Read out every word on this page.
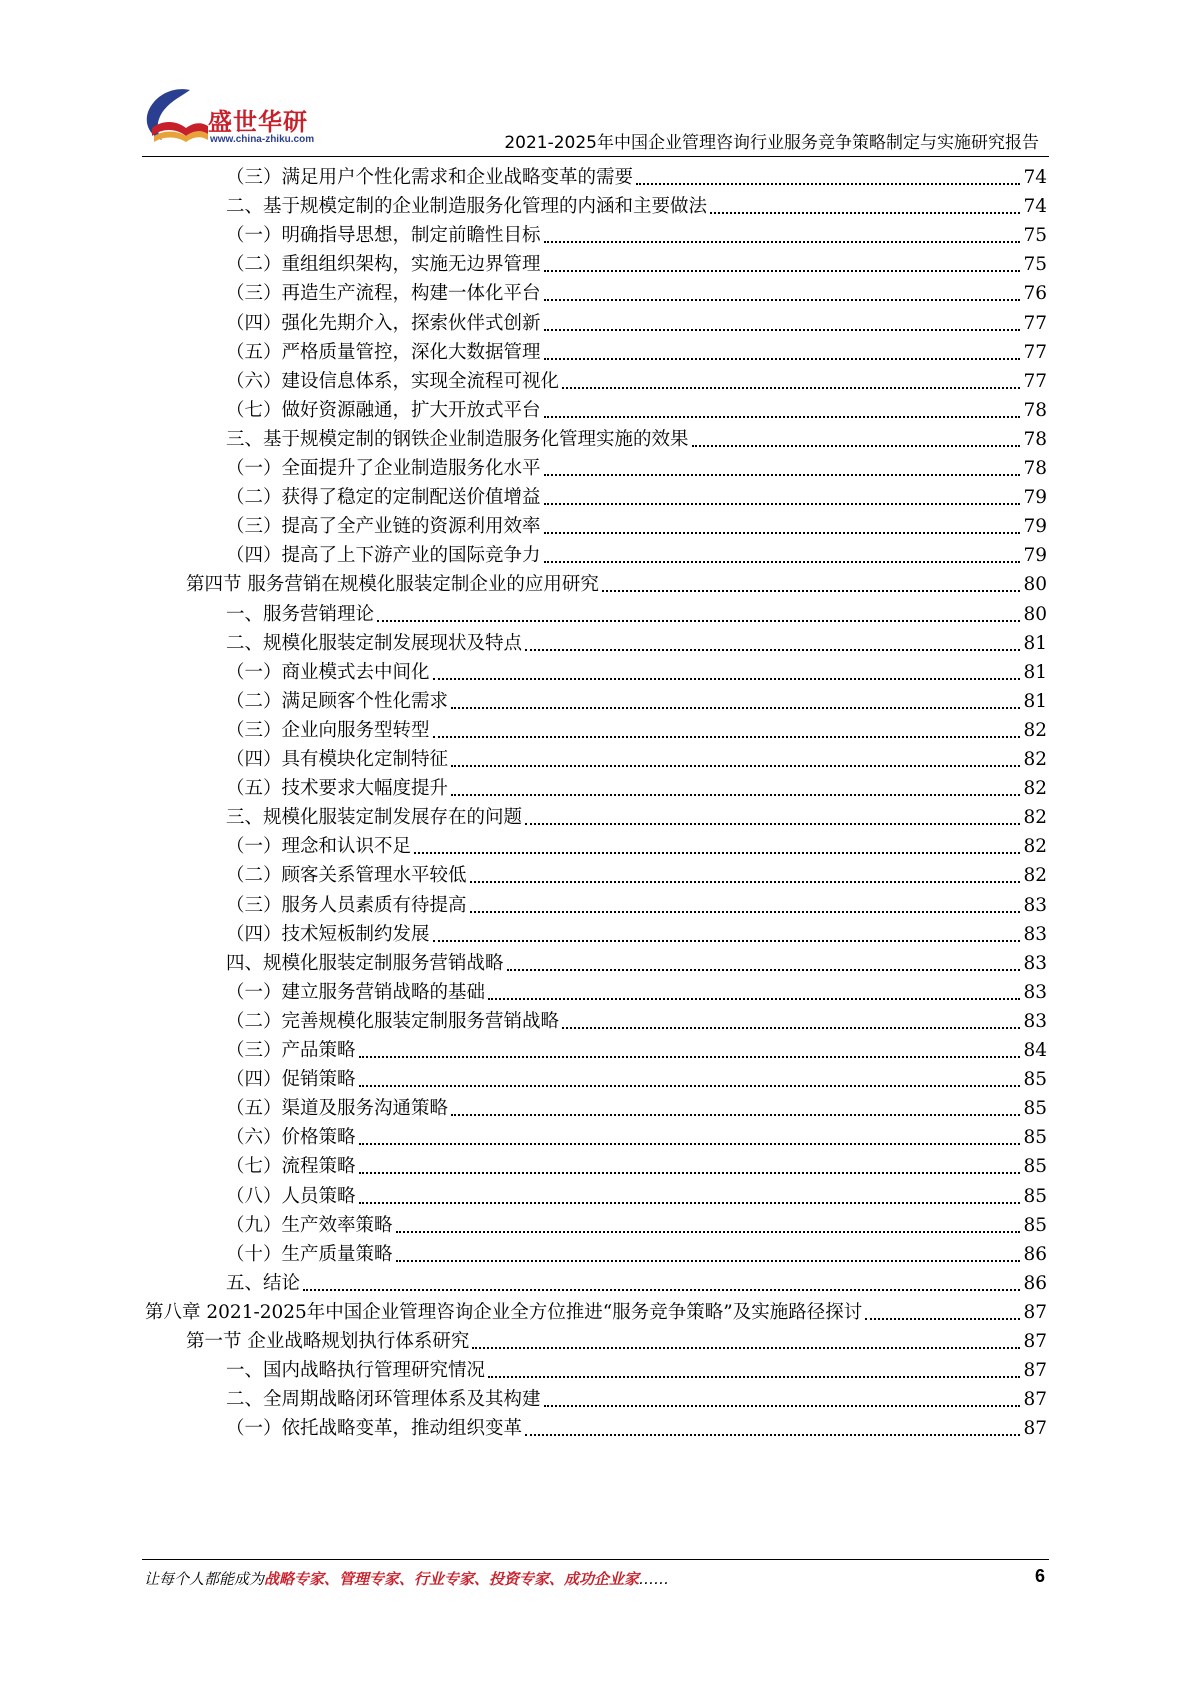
盛世华研
www.china-zhiku.com	2021-2025年中国企业管理咨询行业服务竞争策略制定与实施研究报告
（三）满足用户个性化需求和企业战略变革的需要	74
二、基于规模定制的企业制造服务化管理的内涵和主要做法	74
（一）明确指导思想，制定前瞻性目标	75
（二）重组组织架构，实施无边界管理	75
（三）再造生产流程，构建一体化平台	76
（四）强化先期介入，探索伙伴式创新	77
（五）严格质量管控，深化大数据管理	77
（六）建设信息体系，实现全流程可视化	77
（七）做好资源融通，扩大开放式平台	78
三、基于规模定制的钢铁企业制造服务化管理实施的效果	78
（一）全面提升了企业制造服务化水平	78
（二）获得了稳定的定制配送价值增益	79
（三）提高了全产业链的资源利用效率	79
（四）提高了上下游产业的国际竞争力	79
第四节 服务营销在规模化服装定制企业的应用研究	80
一、服务营销理论	80
二、规模化服装定制发展现状及特点	81
（一）商业模式去中间化	81
（二）满足顾客个性化需求	81
（三）企业向服务型转型	82
（四）具有模块化定制特征	82
（五）技术要求大幅度提升	82
三、规模化服装定制发展存在的问题	82
（一）理念和认识不足	82
（二）顾客关系管理水平较低	82
（三）服务人员素质有待提高	83
（四）技术短板制约发展	83
四、规模化服装定制服务营销战略	83
（一）建立服务营销战略的基础	83
（二）完善规模化服装定制服务营销战略	83
（三）产品策略	84
（四）促销策略	85
（五）渠道及服务沟通策略	85
（六）价格策略	85
（七）流程策略	85
（八）人员策略	85
（九）生产效率策略	85
（十）生产质量策略	86
五、结论	86
第八章 2021-2025年中国企业管理咨询企业全方位推进“服务竞争策略”及实施路径探讨	87
第一节 企业战略规划执行体系研究	87
一、国内战略执行管理研究情况	87
二、全周期战略闭环管理体系及其构建	87
（一）依托战略变革，推动组织变革	87
让每个人都能成为战略专家、管理专家、行业专家、投资专家、成功企业家……	6
